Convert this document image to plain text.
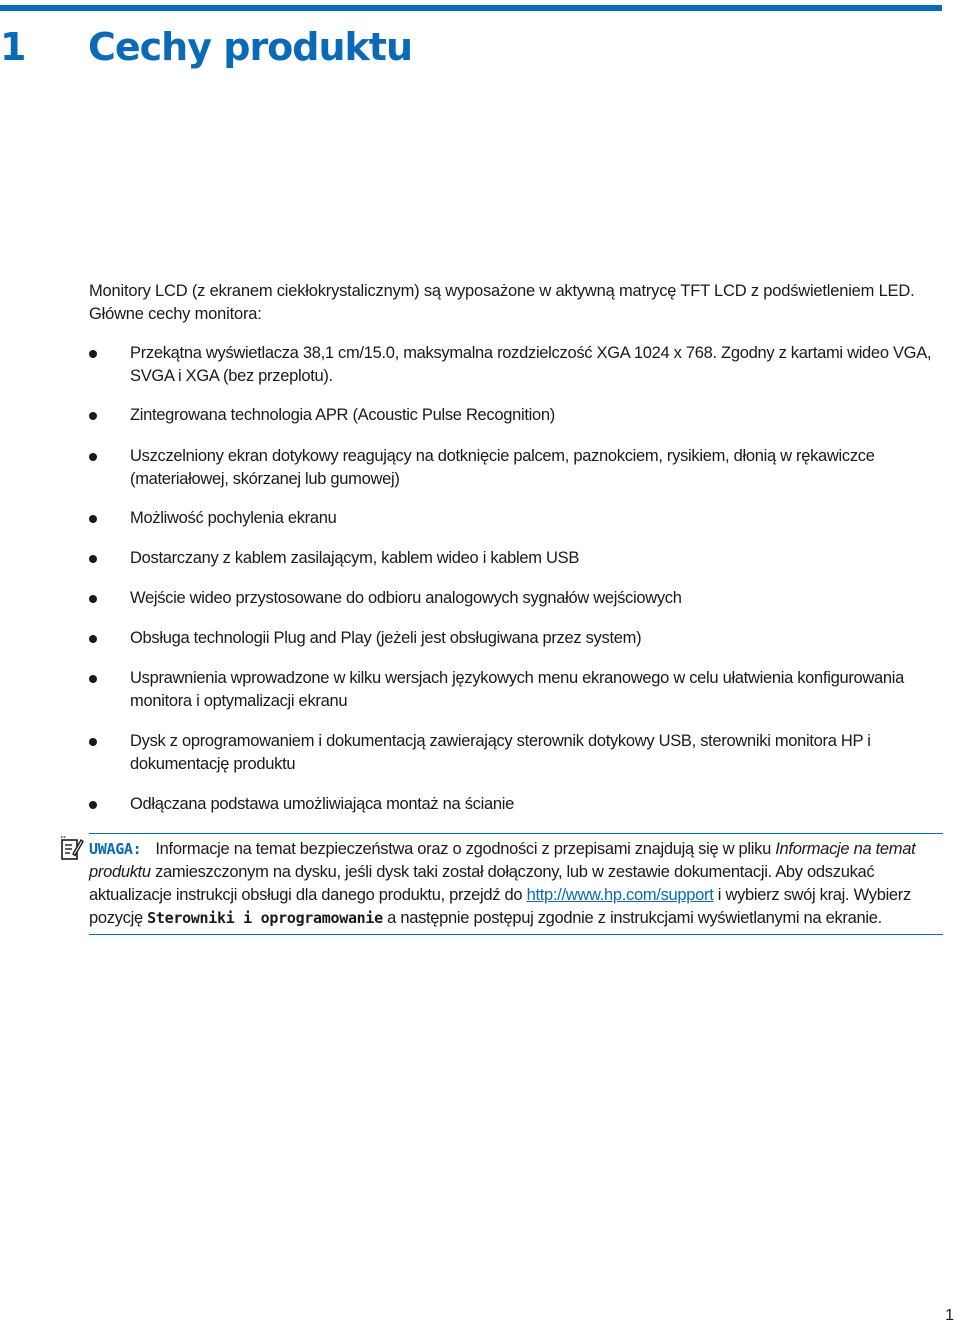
1 Cechy produktu
Monitory LCD (z ekranem ciekłokrystalicznym) są wyposażone w aktywną matrycę TFT LCD z podświetleniem LED. Główne cechy monitora:
Przekątna wyświetlacza 38,1 cm/15.0, maksymalna rozdzielczość XGA 1024 x 768. Zgodny z kartami wideo VGA, SVGA i XGA (bez przeplotu).
Zintegrowana technologia APR (Acoustic Pulse Recognition)
Uszczelniony ekran dotykowy reagujący na dotknięcie palcem, paznokciem, rysikiem, dłonią w rękawiczce (materiałowej, skórzanej lub gumowej)
Możliwość pochylenia ekranu
Dostarczany z kablem zasilającym, kablem wideo i kablem USB
Wejście wideo przystosowane do odbioru analogowych sygnałów wejściowych
Obsługa technologii Plug and Play (jeżeli jest obsługiwana przez system)
Usprawnienia wprowadzone w kilku wersjach językowych menu ekranowego w celu ułatwienia konfigurowania monitora i optymalizacji ekranu
Dysk z oprogramowaniem i dokumentacją zawierający sterownik dotykowy USB, sterowniki monitora HP i dokumentację produktu
Odłączana podstawa umożliwiająca montaż na ścianie
UWAGA: Informacje na temat bezpieczeństwa oraz o zgodności z przepisami znajdują się w pliku Informacje na temat produktu zamieszczonym na dysku, jeśli dysk taki został dołączony, lub w zestawie dokumentacji. Aby odszukać aktualizacje instrukcji obsługi dla danego produktu, przejdź do http://www.hp.com/support i wybierz swój kraj. Wybierz pozycję Sterowniki i oprogramowanie a następnie postępuj zgodnie z instrukcjami wyświetlanymi na ekranie.
1
